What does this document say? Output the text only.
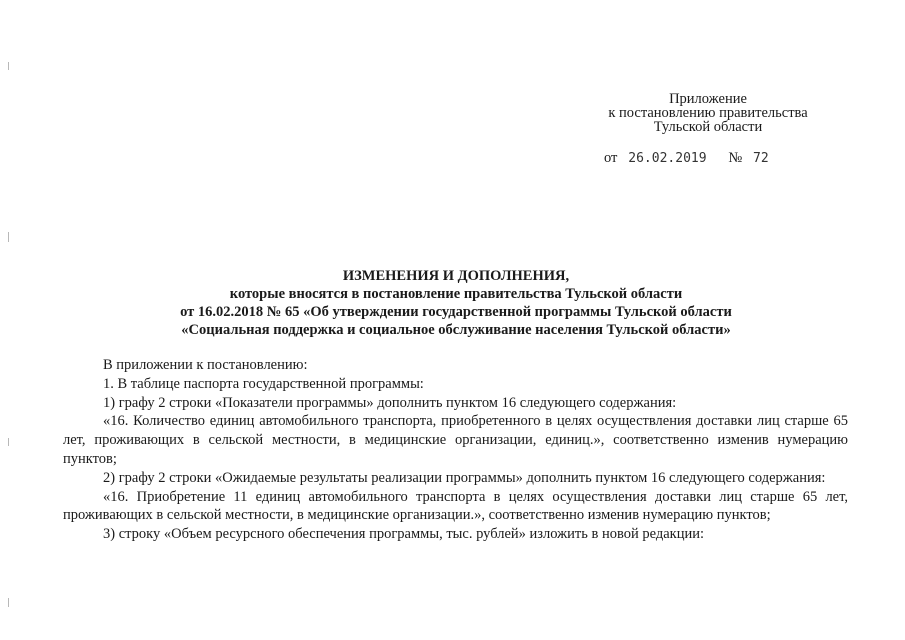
Приложение
к постановлению правительства
Тульской области
от 26.02.2019 № 72
ИЗМЕНЕНИЯ И ДОПОЛНЕНИЯ,
которые вносятся в постановление правительства Тульской области
от 16.02.2018 № 65 «Об утверждении государственной программы Тульской области
«Социальная поддержка и социальное обслуживание населения Тульской области»

В приложении к постановлению:

1. В таблице паспорта государственной программы:

1) графу 2 строки «Показатели программы» дополнить пунктом 16 следующего содержания:

«16. Количество единиц автомобильного транспорта, приобретенного в целях осуществления доставки лиц старше 65 лет, проживающих в сельской местности, в медицинские организации, единиц.», соответственно изменив нумерацию пунктов;

2) графу 2 строки «Ожидаемые результаты реализации программы» дополнить пунктом 16 следующего содержания:

«16. Приобретение 11 единиц автомобильного транспорта в целях осуществления доставки лиц старше 65 лет, проживающих в сельской местности, в медицинские организации.», соответственно изменив нумерацию пунктов;

3) строку «Объем ресурсного обеспечения программы, тыс. рублей» изложить в новой редакции:
